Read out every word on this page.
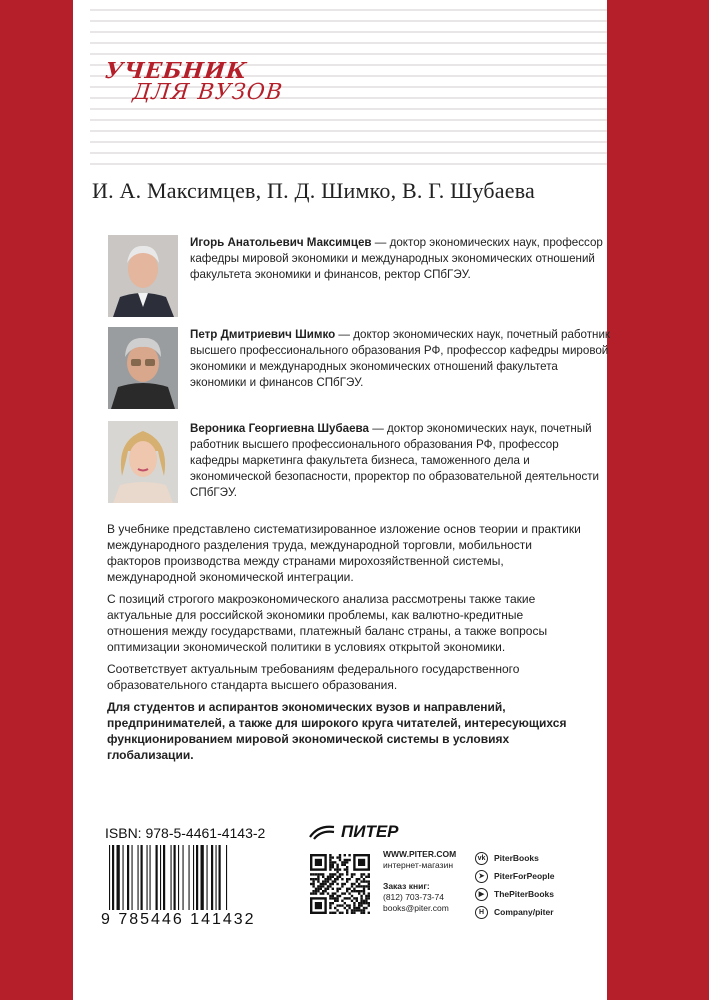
УЧЕБНИК
ДЛЯ ВУЗОВ
И. А. Максимцев, П. Д. Шимко, В. Г. Шубаева
Игорь Анатольевич Максимцев — доктор экономических наук, профессор кафедры мировой экономики и международных экономических отношений факультета экономики и финансов, ректор СПбГЭУ.
Петр Дмитриевич Шимко — доктор экономических наук, почетный работник высшего профессионального образования РФ, профессор кафедры мировой экономики и международных экономических отношений факультета экономики и финансов СПбГЭУ.
Вероника Георгиевна Шубаева — доктор экономических наук, почетный работник высшего профессионального образования РФ, профессор кафедры маркетинга факультета бизнеса, таможенного дела и экономической безопасности, проректор по образовательной деятельности СПбГЭУ.

В учебнике представлено систематизированное изложение основ теории и практики международного разделения труда, международной торговли, мобильности факторов производства между странами мирохозяйственной системы, международной экономической интеграции.

С позиций строгого макроэкономического анализа рассмотрены также такие актуальные для российской экономики проблемы, как валютно-кредитные отношения между государствами, платежный баланс страны, а также вопросы оптимизации экономической политики в условиях открытой экономики.

Соответствует актуальным требованиям федерального государственного образовательного стандарта высшего образования.

Для студентов и аспирантов экономических вузов и направлений, предпринимателей, а также для широкого круга читателей, интересующихся функционированием мировой экономической системы в условиях глобализации.

ISBN: 978-5-4461-4143-2
9 785446 141432
ПИТЕР
WWW.PITER.COM
интернет-магазин
Заказ книг:
(812) 703-73-74
books@piter.com
vk	PiterBooks
➤	PiterForPeople
▶	ThePiterBooks
H	Company/piter
